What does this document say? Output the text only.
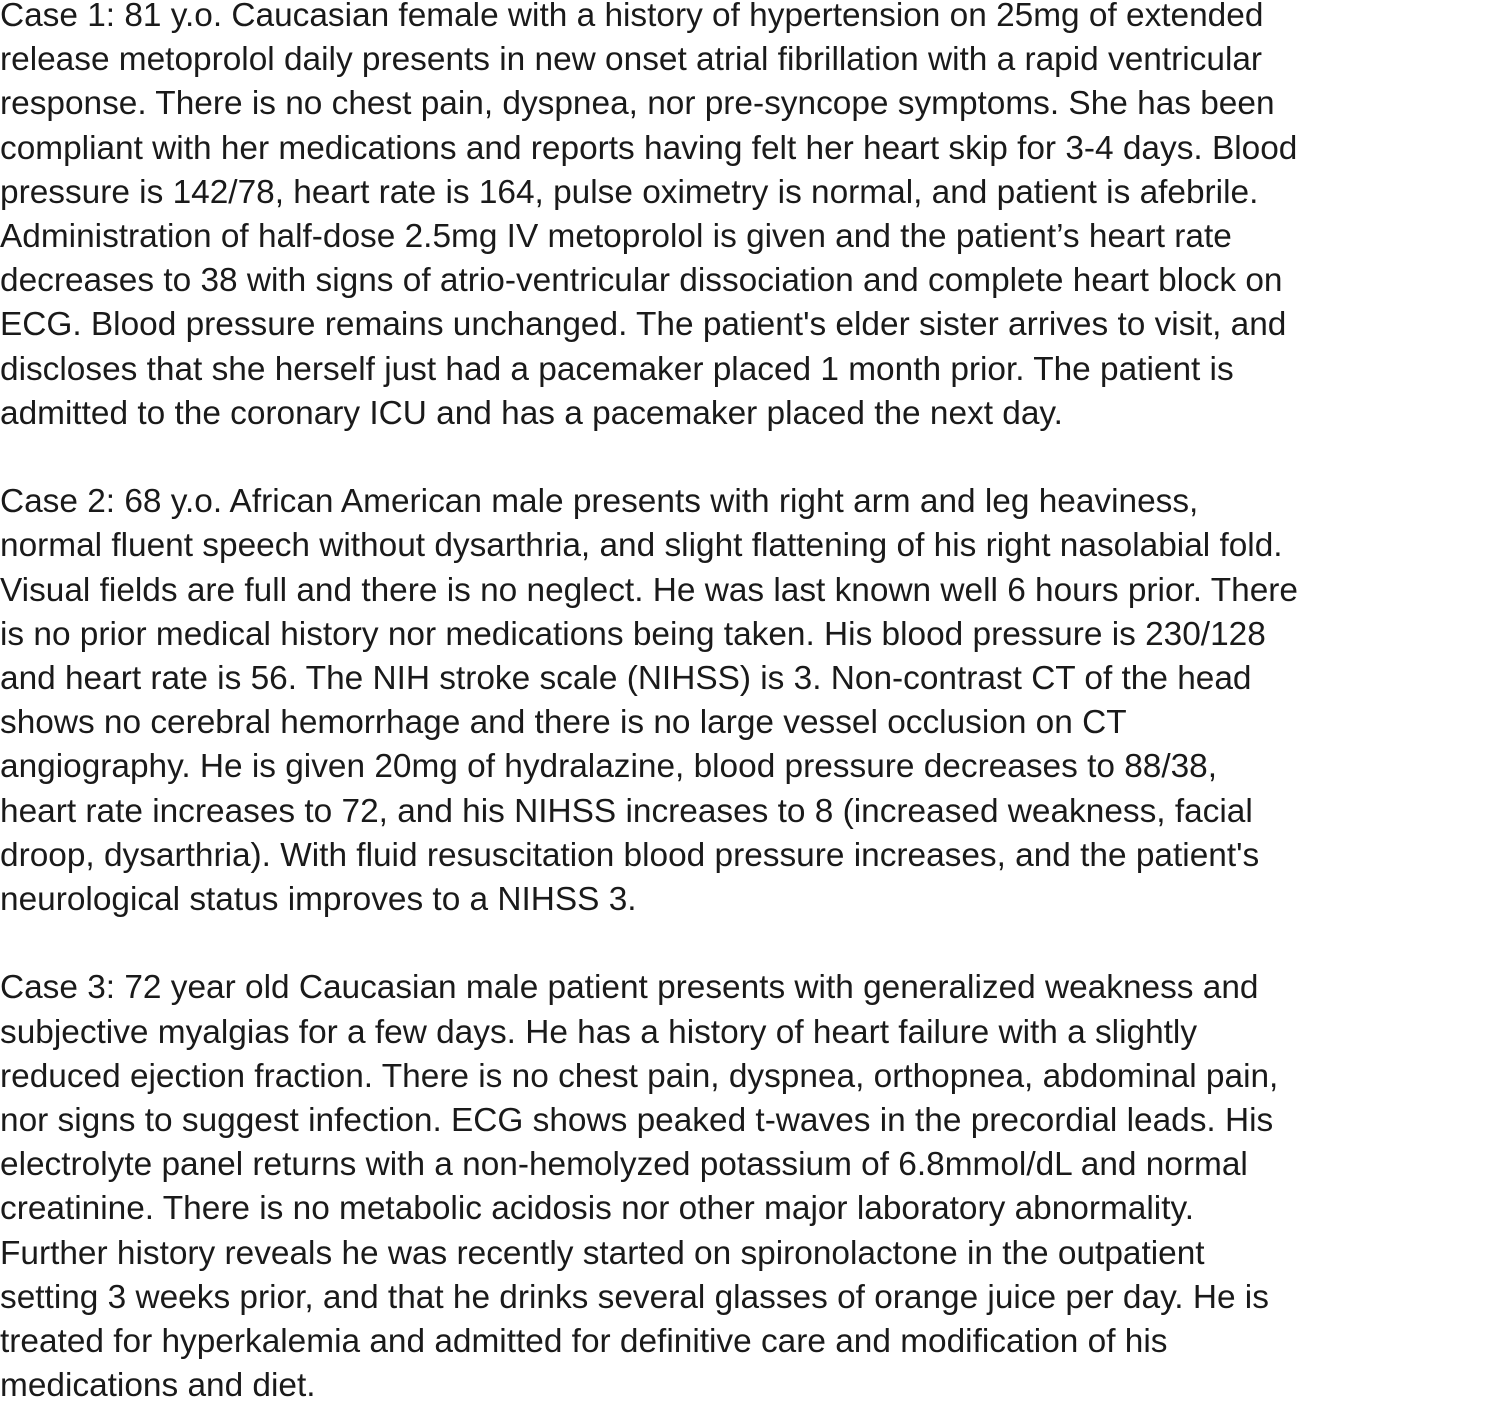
Case 1: 81 y.o. Caucasian female with a history of hypertension on 25mg of extended
release metoprolol daily presents in new onset atrial fibrillation with a rapid ventricular
response. There is no chest pain, dyspnea, nor pre-syncope symptoms. She has been
compliant with her medications and reports having felt her heart skip for 3-4 days. Blood
pressure is 142/78, heart rate is 164, pulse oximetry is normal, and patient is afebrile.
Administration of half-dose 2.5mg IV metoprolol is given and the patient’s heart rate
decreases to 38 with signs of atrio-ventricular dissociation and complete heart block on
ECG. Blood pressure remains unchanged. The patient's elder sister arrives to visit, and
discloses that she herself just had a pacemaker placed 1 month prior. The patient is
admitted to the coronary ICU and has a pacemaker placed the next day.
Case 2: 68 y.o. African American male presents with right arm and leg heaviness,
normal fluent speech without dysarthria, and slight flattening of his right nasolabial fold.
Visual fields are full and there is no neglect. He was last known well 6 hours prior. There
is no prior medical history nor medications being taken. His blood pressure is 230/128
and heart rate is 56. The NIH stroke scale (NIHSS) is 3. Non-contrast CT of the head
shows no cerebral hemorrhage and there is no large vessel occlusion on CT
angiography. He is given 20mg of hydralazine, blood pressure decreases to 88/38,
heart rate increases to 72, and his NIHSS increases to 8 (increased weakness, facial
droop, dysarthria). With fluid resuscitation blood pressure increases, and the patient's
neurological status improves to a NIHSS 3.
Case 3: 72 year old Caucasian male patient presents with generalized weakness and
subjective myalgias for a few days. He has a history of heart failure with a slightly
reduced ejection fraction. There is no chest pain, dyspnea, orthopnea, abdominal pain,
nor signs to suggest infection. ECG shows peaked t-waves in the precordial leads. His
electrolyte panel returns with a non-hemolyzed potassium of 6.8mmol/dL and normal
creatinine. There is no metabolic acidosis nor other major laboratory abnormality.
Further history reveals he was recently started on spironolactone in the outpatient
setting 3 weeks prior, and that he drinks several glasses of orange juice per day. He is
treated for hyperkalemia and admitted for definitive care and modification of his
medications and diet.
